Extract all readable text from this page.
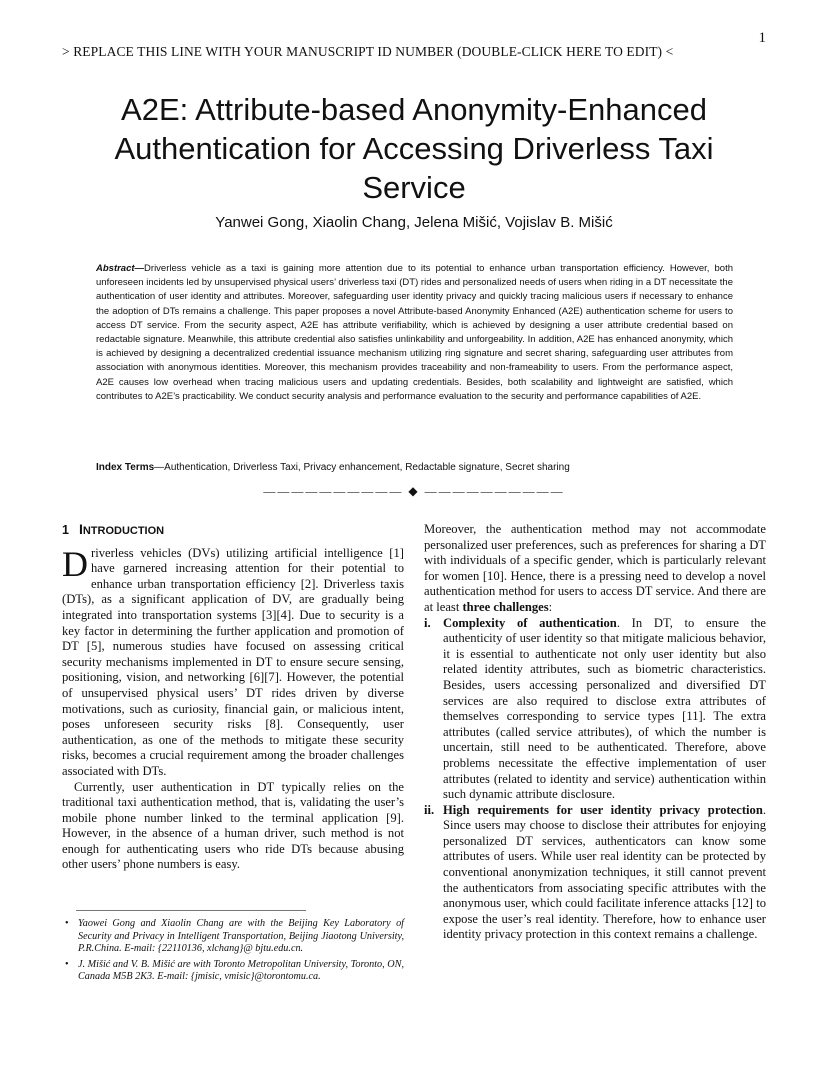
1
> REPLACE THIS LINE WITH YOUR MANUSCRIPT ID NUMBER (DOUBLE-CLICK HERE TO EDIT) <
A2E: Attribute-based Anonymity-Enhanced
Authentication for Accessing Driverless Taxi
Service
Yanwei Gong, Xiaolin Chang, Jelena Mišić, Vojislav B. Mišić

Abstract—Driverless vehicle as a taxi is gaining more attention due to its potential to enhance urban transportation efficiency. However, both unforeseen incidents led by unsupervised physical users’ driverless taxi (DT) rides and personalized needs of users when riding in a DT necessitate the authentication of user identity and attributes. Moreover, safeguarding user identity privacy and quickly tracing malicious users if necessary to enhance the adoption of DTs remains a challenge. This paper proposes a novel Attribute-based Anonymity Enhanced (A2E) authentication scheme for users to access DT service. From the security aspect, A2E has attribute verifiability, which is achieved by designing a user attribute credential based on redactable signature. Meanwhile, this attribute credential also satisfies unlinkability and unforgeability. In addition, A2E has enhanced anonymity, which is achieved by designing a decentralized credential issuance mechanism utilizing ring signature and secret sharing, safeguarding user attributes from association with anonymous identities. Moreover, this mechanism provides traceability and non-frameability to users. From the performance aspect, A2E causes low overhead when tracing malicious users and updating credentials. Besides, both scalability and lightweight are satisfied, which contributes to A2E’s practicability. We conduct security analysis and performance evaluation to the security and performance capabilities of A2E.

Index Terms—Authentication, Driverless Taxi, Privacy enhancement, Redactable signature, Secret sharing

—————————— ◆ ——————————
1 INTRODUCTION

Driverless vehicles (DVs) utilizing artificial intelligence [1] have garnered increasing attention for their potential to enhance urban transportation efficiency [2]. Driverless taxis (DTs), as a significant application of DV, are gradually being integrated into transportation systems [3][4]. Due to security is a key factor in determining the further application and promotion of DT [5], numerous studies have focused on assessing critical security mechanisms implemented in DT to ensure secure sensing, positioning, vision, and networking [6][7]. However, the potential of unsupervised physical users’ DT rides driven by diverse motivations, such as curiosity, financial gain, or malicious intent, poses unforeseen security risks [8]. Consequently, user authentication, as one of the methods to mitigate these security risks, becomes a crucial requirement among the broader challenges associated with DTs.

Currently, user authentication in DT typically relies on the traditional taxi authentication method, that is, validating the user’s mobile phone number linked to the terminal application [9]. However, in the absence of a human driver, such method is not enough for authenticating users who ride DTs because abusing other users’ phone numbers is easy.

• Yaowei Gong and Xiaolin Chang are with the Beijing Key Laboratory of Security and Privacy in Intelligent Transportation, Beijing Jiaotong University, P.R.China. E-mail: {22110136, xlchang}@ bjtu.edu.cn.
• J. Mišić and V. B. Mišić are with Toronto Metropolitan University, Toronto, ON, Canada M5B 2K3. E-mail: {jmisic, vmisic}@torontomu.ca.

Moreover, the authentication method may not accommodate personalized user preferences, such as preferences for sharing a DT with individuals of a specific gender, which is particularly relevant for women [10]. Hence, there is a pressing need to develop a novel authentication method for users to access DT service. And there are at least three challenges:

i. Complexity of authentication. In DT, to ensure the authenticity of user identity so that mitigate malicious behavior, it is essential to authenticate not only user identity but also related identity attributes, such as biometric characteristics. Besides, users accessing personalized and diversified DT services are also required to disclose extra attributes of themselves corresponding to service types [11]. The extra attributes (called service attributes), of which the number is uncertain, still need to be authenticated. Therefore, above problems necessitate the effective implementation of user attributes (related to identity and service) authentication within such dynamic attribute disclosure.
ii. High requirements for user identity privacy protection. Since users may choose to disclose their attributes for enjoying personalized DT services, authenticators can know some attributes of users. While user real identity can be protected by conventional anonymization techniques, it still cannot prevent the authenticators from associating specific attributes with the anonymous user, which could facilitate inference attacks [12] to expose the user’s real identity. Therefore, how to enhance user identity privacy protection in this context remains a challenge.
